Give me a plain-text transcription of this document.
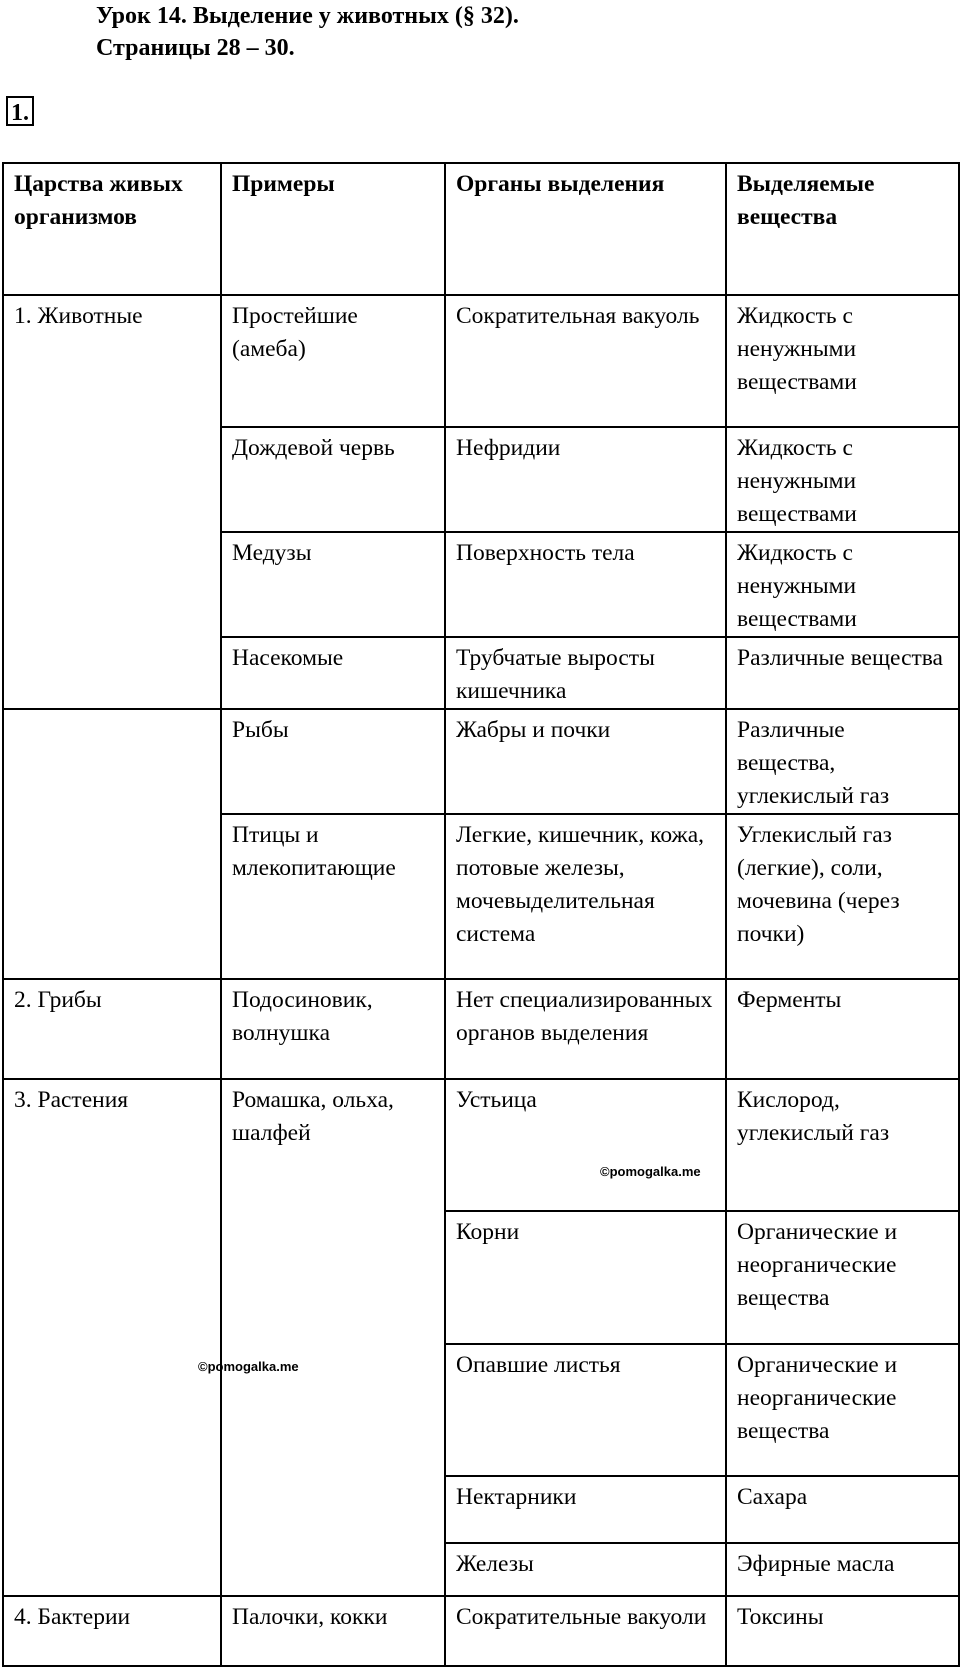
Урок 14. Выделение у животных (§ 32).
Страницы 28 – 30.
1.
Царства живых организмов	Примеры	Органы выделения	Выделяемые вещества
1. Животные	Простейшие (амеба)	Сократительная вакуоль	Жидкость с ненужными веществами
	Дождевой червь	Нефридии	Жидкость с ненужными веществами
	Медузы	Поверхность тела	Жидкость с ненужными веществами
	Насекомые	Трубчатые выросты кишечника	Различные вещества
	Рыбы	Жабры и почки	Различные вещества, углекислый газ
	Птицы и млекопитающие	Легкие, кишечник, кожа, потовые железы, мочевыделительная система	Углекислый газ (легкие), соли, мочевина (через почки)
2. Грибы	Подосиновик, волнушка	Нет специализированных органов выделения	Ферменты
3. Растения	Ромашка, ольха, шалфей	Устьица	Кислород, углекислый газ
		Корни	Органические и неорганические вещества
		Опавшие листья	Органические и неорганические вещества
		Нектарники	Сахара
		Железы	Эфирные масла
4. Бактерии	Палочки, кокки	Сократительные вакуоли	Токсины
©pomogalka.me
©pomogalka.me
